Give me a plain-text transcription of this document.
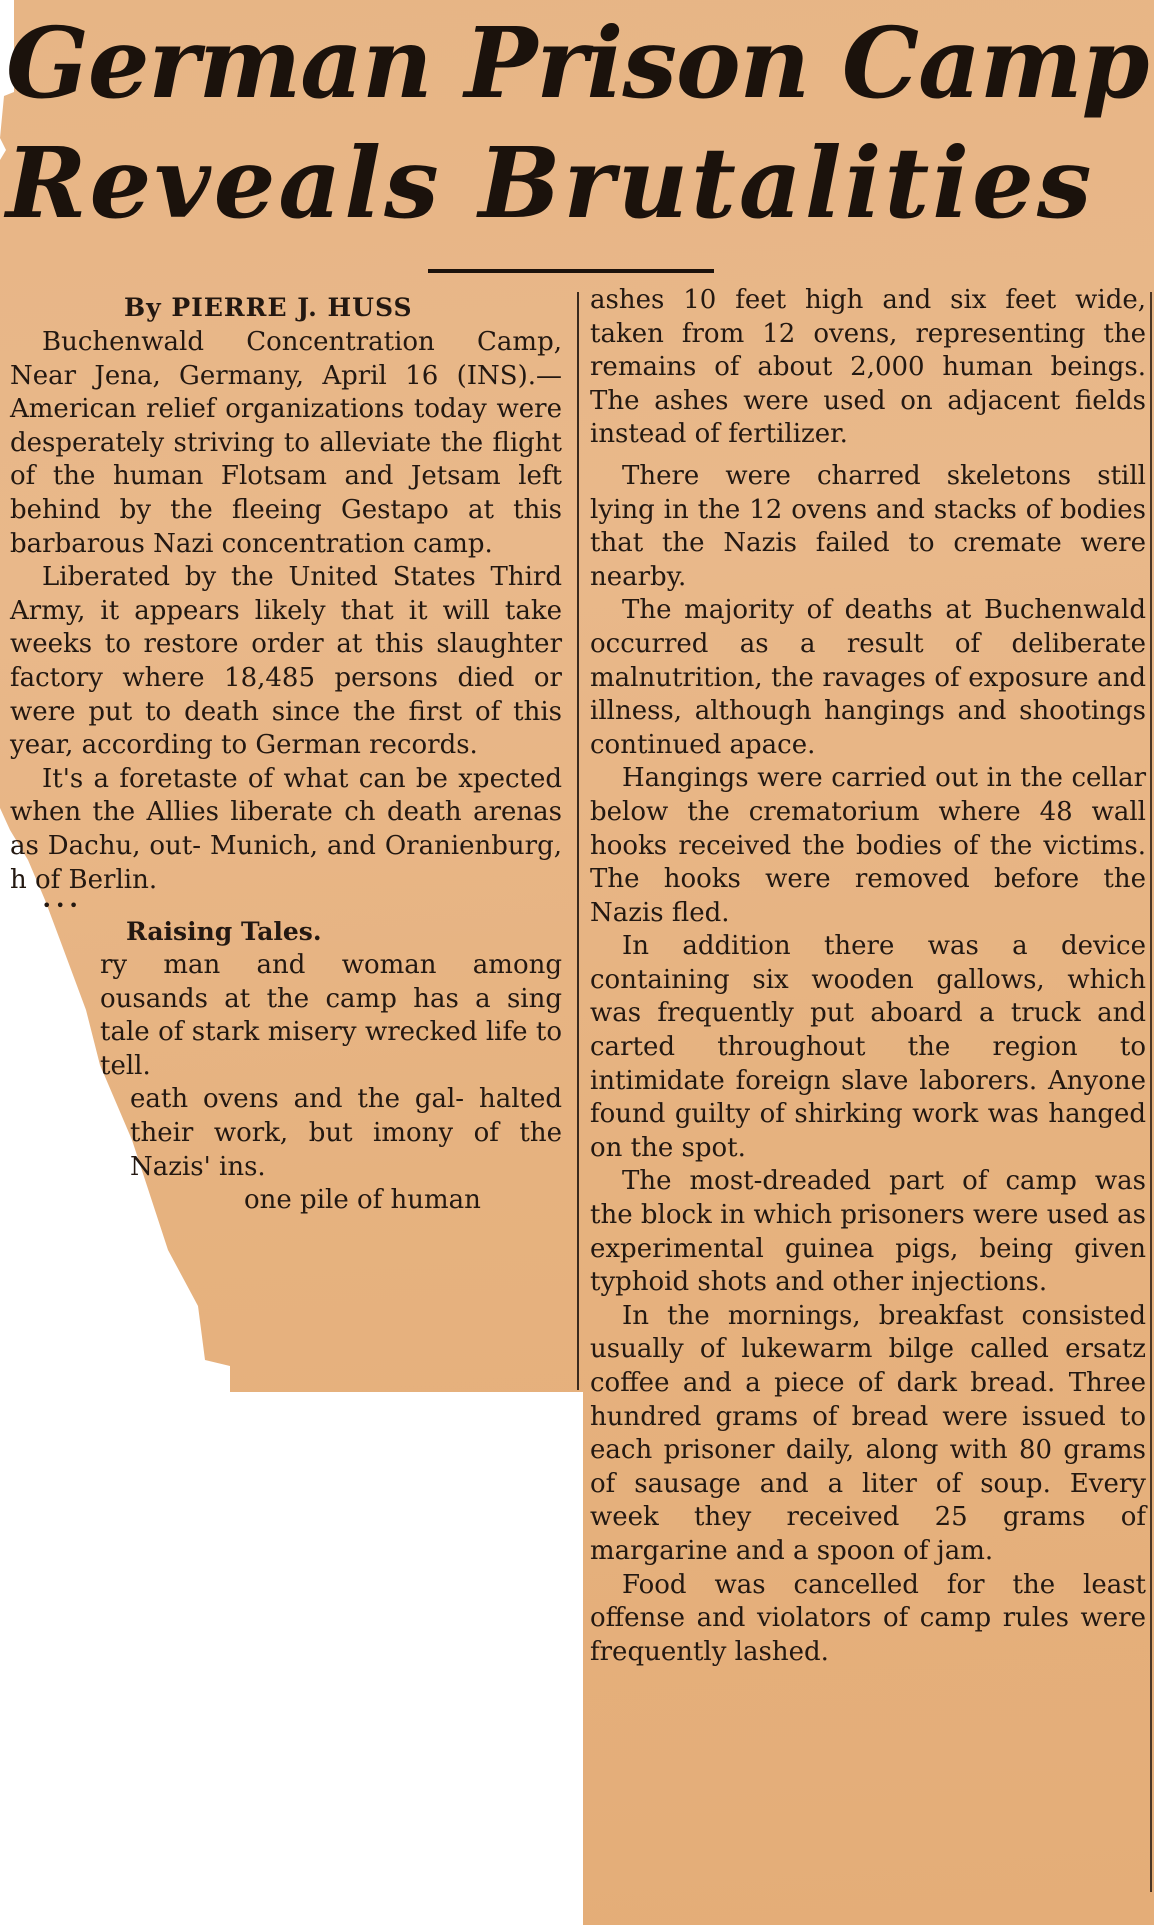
German Prison Camp
Reveals Brutalities

By PIERRE J. HUSS

Buchenwald Concentration Camp, Near Jena, Germany, April 16 (INS).—American relief organizations today were desperately striving to alleviate the flight of the human Flotsam and Jetsam left behind by the fleeing Gestapo at this barbarous Nazi concentration camp.

Liberated by the United States Third Army, it appears likely that it will take weeks to restore order at this slaughter factory where 18,485 persons died or were put to death since the first of this year, according to German records.

It's a foretaste of what can be xpected when the Allies liberate ch death arenas as Dachu, out- Munich, and Oranienburg, h of Berlin.

•••

Raising Tales.

ry man and woman among ousands at the camp has a sing tale of stark misery wrecked life to tell.

eath ovens and the gal- halted their work, but imony of the Nazis' ins.

one pile of human

ashes 10 feet high and six feet wide, taken from 12 ovens, representing the remains of about 2,000 human beings. The ashes were used on adjacent fields instead of fertilizer.

There were charred skeletons still lying in the 12 ovens and stacks of bodies that the Nazis failed to cremate were nearby.

The majority of deaths at Buchenwald occurred as a result of deliberate malnutrition, the ravages of exposure and illness, although hangings and shootings continued apace.

Hangings were carried out in the cellar below the crematorium where 48 wall hooks received the bodies of the victims. The hooks were removed before the Nazis fled.

In addition there was a device containing six wooden gallows, which was frequently put aboard a truck and carted throughout the region to intimidate foreign slave laborers. Anyone found guilty of shirking work was hanged on the spot.

The most-dreaded part of camp was the block in which prisoners were used as experimental guinea pigs, being given typhoid shots and other injections.

In the mornings, breakfast consisted usually of lukewarm bilge called ersatz coffee and a piece of dark bread. Three hundred grams of bread were issued to each prisoner daily, along with 80 grams of sausage and a liter of soup. Every week they received 25 grams of margarine and a spoon of jam.

Food was cancelled for the least offense and violators of camp rules were frequently lashed.
